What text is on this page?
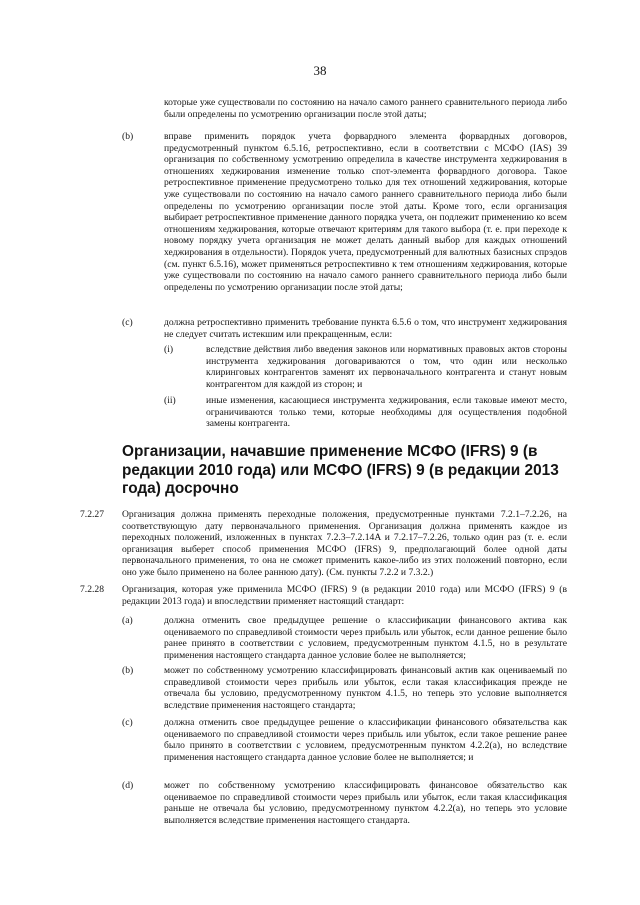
38
которые уже существовали по состоянию на начало самого раннего сравнительного периода либо были определены по усмотрению организации после этой даты;
(b)	вправе применить порядок учета форвардного элемента форвардных договоров, предусмотренный пунктом 6.5.16, ретроспективно, если в соответствии с МСФО (IAS) 39 организация по собственному усмотрению определила в качестве инструмента хеджирования в отношениях хеджирования изменение только спот-элемента форвардного договора. Такое ретроспективное применение предусмотрено только для тех отношений хеджирования, которые уже существовали по состоянию на начало самого раннего сравнительного периода либо были определены по усмотрению организации после этой даты. Кроме того, если организация выбирает ретроспективное применение данного порядка учета, он подлежит применению ко всем отношениям хеджирования, которые отвечают критериям для такого выбора (т. е. при переходе к новому порядку учета организация не может делать данный выбор для каждых отношений хеджирования в отдельности). Порядок учета, предусмотренный для валютных базисных спрэдов (см. пункт 6.5.16), может применяться ретроспективно к тем отношениям хеджирования, которые уже существовали по состоянию на начало самого раннего сравнительного периода либо были определены по усмотрению организации после этой даты;
(c)	должна ретроспективно применить требование пункта 6.5.6 о том, что инструмент хеджирования не следует считать истекшим или прекращенным, если:
(i)	вследствие действия либо введения законов или нормативных правовых актов стороны инструмента хеджирования договариваются о том, что один или несколько клиринговых контрагентов заменят их первоначального контрагента и станут новым контрагентом для каждой из сторон; и
(ii)	иные изменения, касающиеся инструмента хеджирования, если таковые имеют место, ограничиваются только теми, которые необходимы для осуществления подобной замены контрагента.
Организации, начавшие применение МСФО (IFRS) 9 (в редакции 2010 года) или МСФО (IFRS) 9 (в редакции 2013 года) досрочно
7.2.27 Организация должна применять переходные положения, предусмотренные пунктами 7.2.1–7.2.26, на соответствующую дату первоначального применения. Организация должна применять каждое из переходных положений, изложенных в пунктах 7.2.3–7.2.14A и 7.2.17–7.2.26, только один раз (т. е. если организация выберет способ применения МСФО (IFRS) 9, предполагающий более одной даты первоначального применения, то она не сможет применить какое-либо из этих положений повторно, если оно уже было применено на более раннюю дату). (См. пункты 7.2.2 и 7.3.2.)
7.2.28 Организация, которая уже применила МСФО (IFRS) 9 (в редакции 2010 года) или МСФО (IFRS) 9 (в редакции 2013 года) и впоследствии применяет настоящий стандарт:
(a)	должна отменить свое предыдущее решение о классификации финансового актива как оцениваемого по справедливой стоимости через прибыль или убыток, если данное решение было ранее принято в соответствии с условием, предусмотренным пунктом 4.1.5, но в результате применения настоящего стандарта данное условие более не выполняется;
(b)	может по собственному усмотрению классифицировать финансовый актив как оцениваемый по справедливой стоимости через прибыль или убыток, если такая классификация прежде не отвечала бы условию, предусмотренному пунктом 4.1.5, но теперь это условие выполняется вследствие применения настоящего стандарта;
(c)	должна отменить свое предыдущее решение о классификации финансового обязательства как оцениваемого по справедливой стоимости через прибыль или убыток, если такое решение ранее было принято в соответствии с условием, предусмотренным пунктом 4.2.2(a), но вследствие применения настоящего стандарта данное условие более не выполняется; и
(d)	может по собственному усмотрению классифицировать финансовое обязательство как оцениваемое по справедливой стоимости через прибыль или убыток, если такая классификация раньше не отвечала бы условию, предусмотренному пунктом 4.2.2(a), но теперь это условие выполняется вследствие применения настоящего стандарта.
